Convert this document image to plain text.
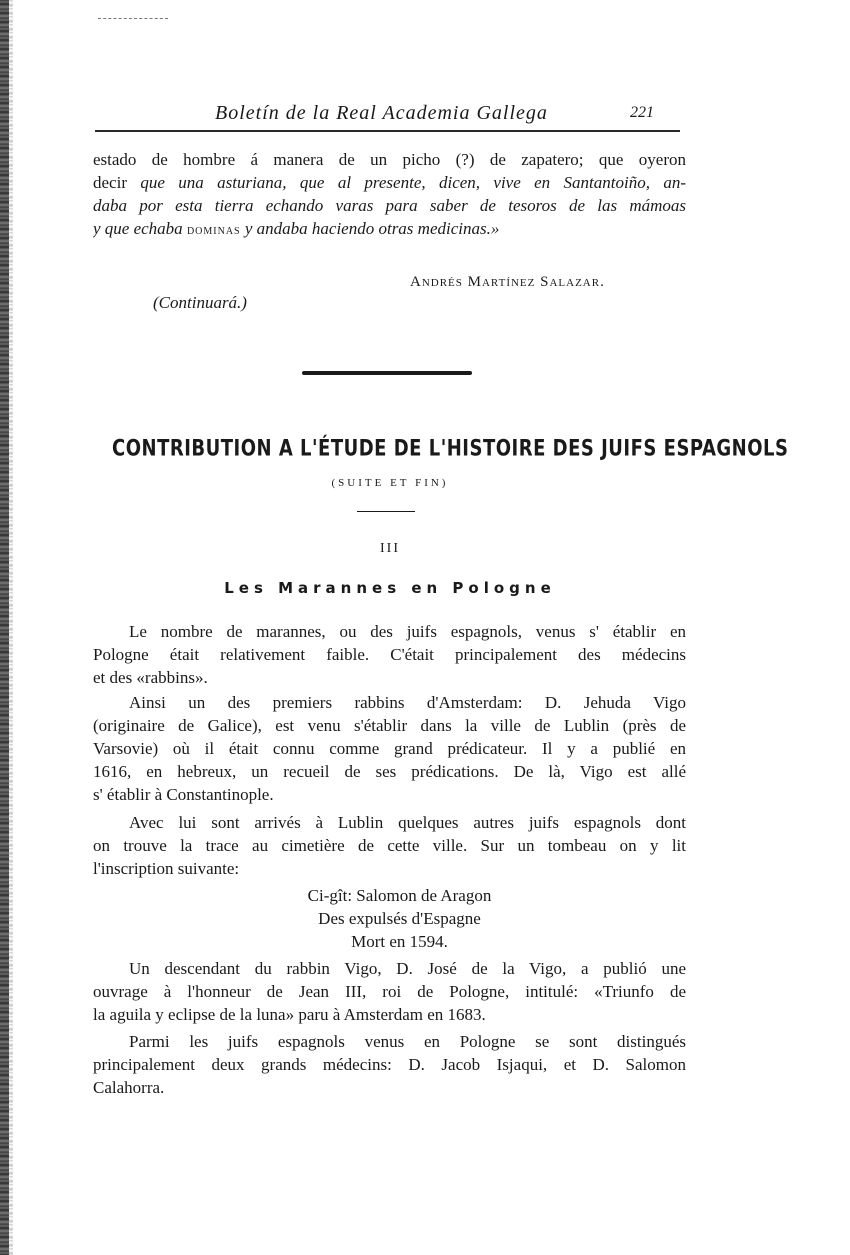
Boletín de la Real Academia Gallega	221
estado de hombre á manera de un picho (?) de zapatero; que oyeron
decir que una asturiana, que al presente, dicen, vive en Santantoiño, an-
daba por esta tierra echando varas para saber de tesoros de las mámoas
y que echaba dominas y andaba haciendo otras medicinas.»
Andrés Martínez Salazar.
(Continuará.)
CONTRIBUTION A L'ÉTUDE DE L'HISTOIRE DES JUIFS ESPAGNOLS
(SUITE ET FIN)
III
Les Marannes en Pologne
Le nombre de marannes, ou des juifs espagnols, venus s' établir en
Pologne était relativement faible. C'était principalement des médecins
et des «rabbins».
Ainsi un des premiers rabbins d'Amsterdam: D. Jehuda Vigo
(originaire de Galice), est venu s'établir dans la ville de Lublin (près de
Varsovie) où il était connu comme grand prédicateur. Il y a publié en
1616, en hebreux, un recueil de ses prédications. De là, Vigo est allé
s' établir à Constantinople.
Avec lui sont arrivés à Lublin quelques autres juifs espagnols dont
on trouve la trace au cimetière de cette ville. Sur un tombeau on y lit
l'inscription suivante:
Ci-gît: Salomon de Aragon
Des expulsés d'Espagne
Mort en 1594.
Un descendant du rabbin Vigo, D. José de la Vigo, a publió une
ouvrage à l'honneur de Jean III, roi de Pologne, intitulé: «Triunfo de
la aguila y eclipse de la luna» paru à Amsterdam en 1683.
Parmi les juifs espagnols venus en Pologne se sont distingués
principalement deux grands médecins: D. Jacob Isjaqui, et D. Salomon
Calahorra.
